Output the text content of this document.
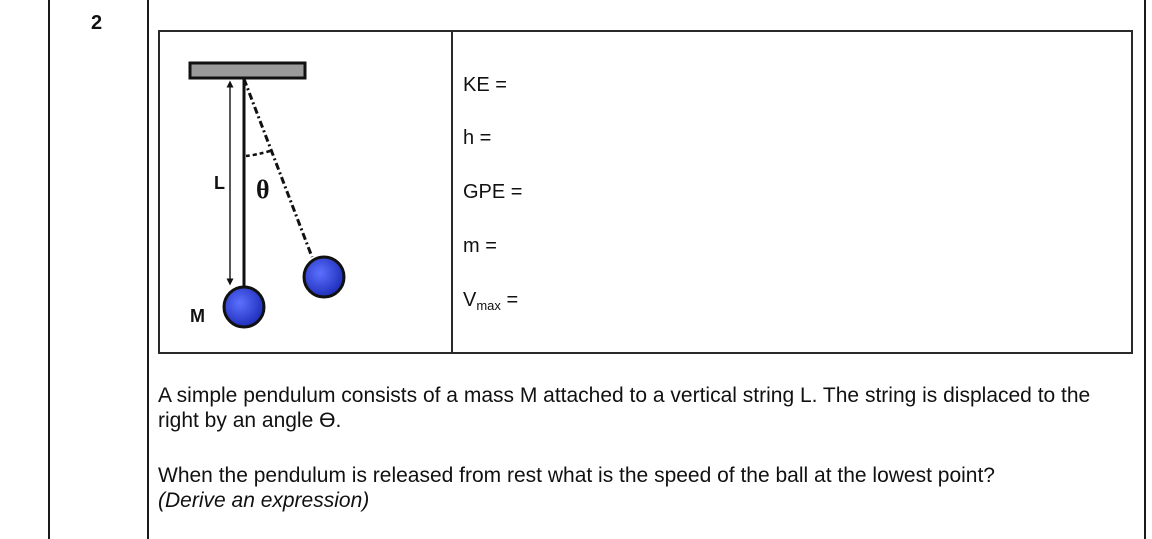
2
L θ
M
KE =
h =
GPE =
m =
$V_{max}$ =
A simple pendulum consists of a mass M attached to a vertical string L. The string is displaced to the right by an angle Ө.
When the pendulum is released from rest what is the speed of the ball at the lowest point?
(Derive an expression)
